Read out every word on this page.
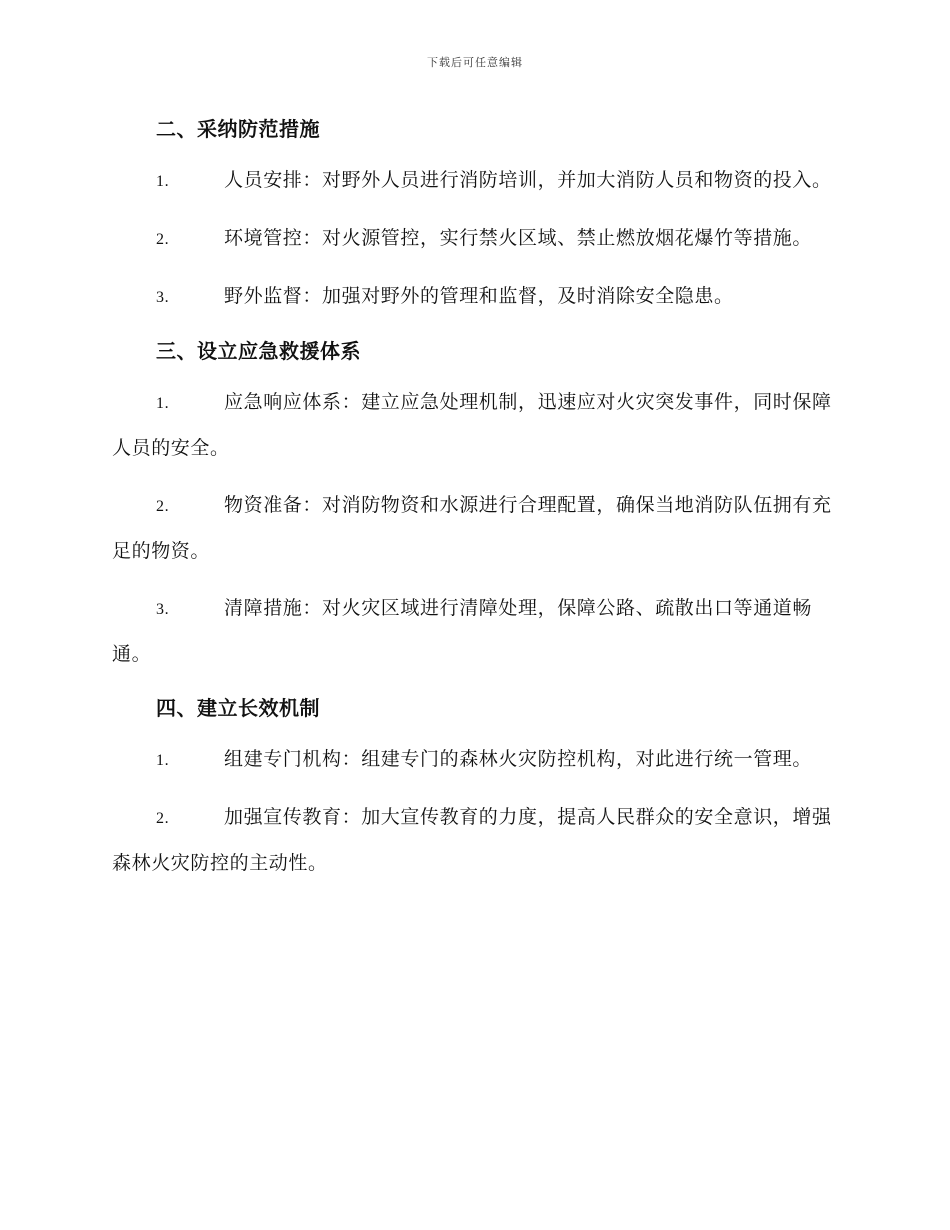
下载后可任意编辑
二、采纳防范措施

1.	人员安排：对野外人员进行消防培训，并加大消防人员和物资的投入。

2.	环境管控：对火源管控，实行禁火区域、禁止燃放烟花爆竹等措施。

3.	野外监督：加强对野外的管理和监督，及时消除安全隐患。

三、设立应急救援体系

1.	应急响应体系：建立应急处理机制，迅速应对火灾突发事件，同时保障人员的安全。

2.	物资准备：对消防物资和水源进行合理配置，确保当地消防队伍拥有充足的物资。

3.	清障措施：对火灾区域进行清障处理，保障公路、疏散出口等通道畅通。

四、建立长效机制

1.	组建专门机构：组建专门的森林火灾防控机构，对此进行统一管理。

2.	加强宣传教育：加大宣传教育的力度，提高人民群众的安全意识，增强森林火灾防控的主动性。
